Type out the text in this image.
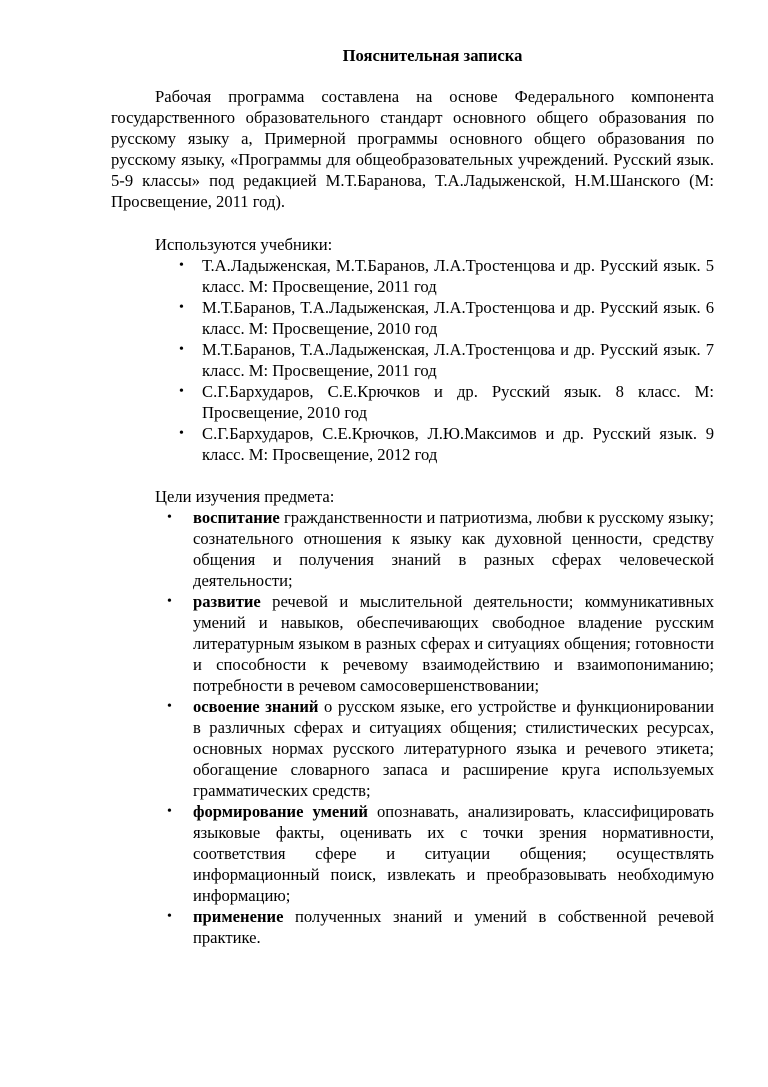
Пояснительная записка

Рабочая программа составлена на основе Федерального компонента государственного образовательного стандарт основного общего образования по русскому языку а, Примерной программы основного общего образования по русскому языку, «Программы для общеобразовательных учреждений. Русский язык. 5-9 классы» под редакцией М.Т.Баранова, Т.А.Ладыженской, Н.М.Шанского (М: Просвещение, 2011 год).

Используются учебники:
• Т.А.Ладыженская, М.Т.Баранов, Л.А.Тростенцова и др. Русский язык. 5 класс. М: Просвещение, 2011 год
• М.Т.Баранов, Т.А.Ладыженская, Л.А.Тростенцова и др. Русский язык. 6 класс. М: Просвещение, 2010 год
• М.Т.Баранов, Т.А.Ладыженская, Л.А.Тростенцова и др. Русский язык. 7 класс. М: Просвещение, 2011 год
• С.Г.Бархударов, С.Е.Крючков и др. Русский язык. 8 класс. М: Просвещение, 2010 год
• С.Г.Бархударов, С.Е.Крючков, Л.Ю.Максимов и др. Русский язык. 9 класс. М: Просвещение, 2012 год
Цели изучения предмета:
• воспитание гражданственности и патриотизма, любви к русскому языку; сознательного отношения к языку как духовной ценности, средству общения и получения знаний в разных сферах человеческой деятельности;
• развитие речевой и мыслительной деятельности; коммуникативных умений и навыков, обеспечивающих свободное владение русским литературным языком в разных сферах и ситуациях общения; готовности и способности к речевому взаимодействию и взаимопониманию; потребности в речевом самосовершенствовании;
• освоение знаний о русском языке, его устройстве и функционировании в различных сферах и ситуациях общения; стилистических ресурсах, основных нормах русского литературного языка и речевого этикета; обогащение словарного запаса и расширение круга используемых грамматических средств;
• формирование умений опознавать, анализировать, классифицировать языковые факты, оценивать их с точки зрения нормативности, соответствия сфере и ситуации общения; осуществлять информационный поиск, извлекать и преобразовывать необходимую информацию;
• применение полученных знаний и умений в собственной речевой практике.
